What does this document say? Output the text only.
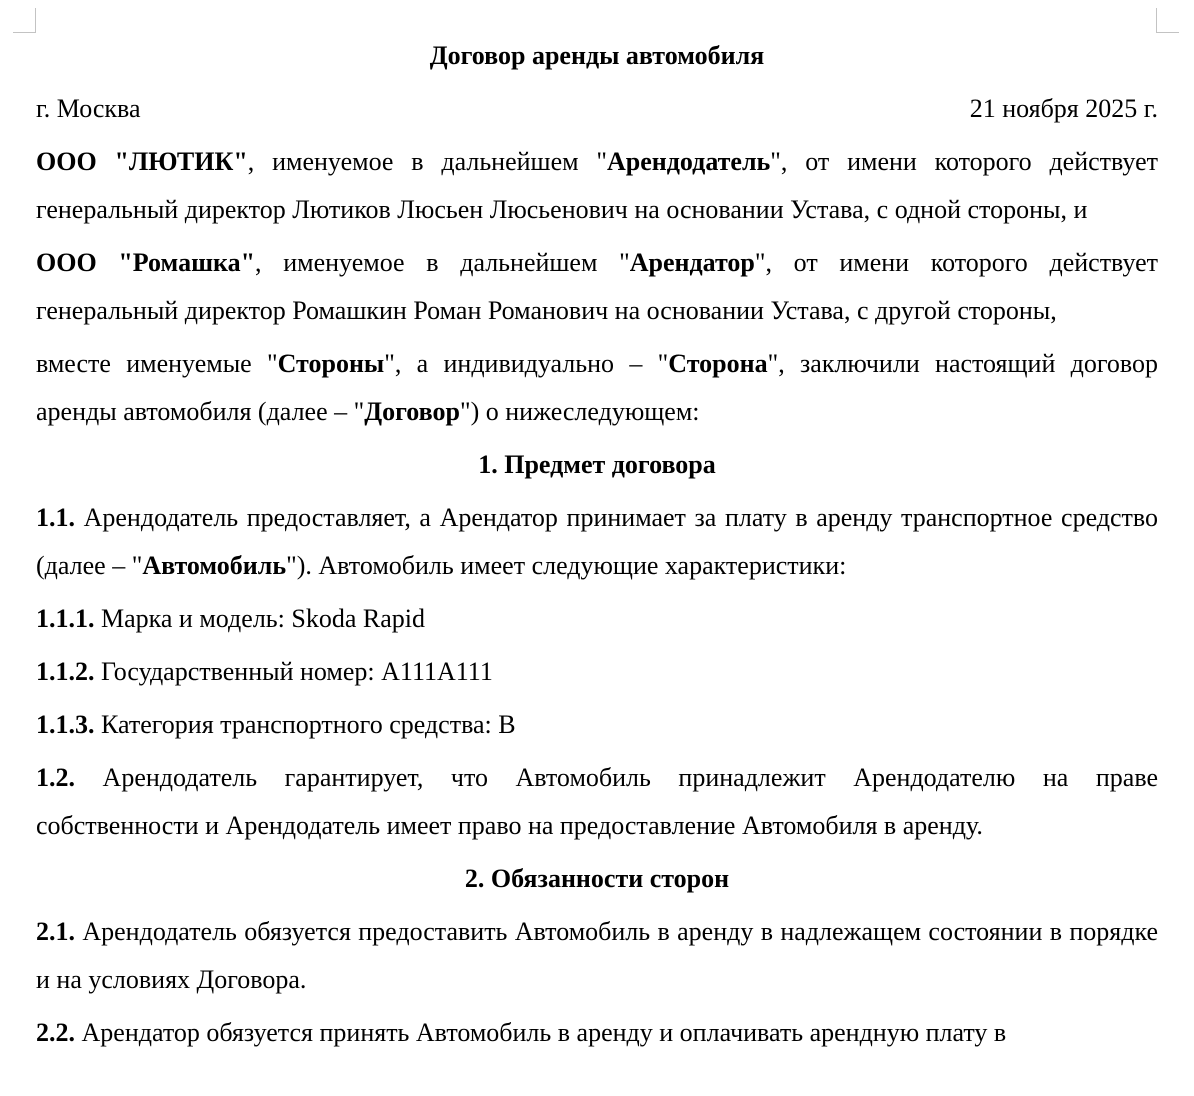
Договор аренды автомобиля
г. Москва	21 ноября 2025 г.

ООО "ЛЮТИК", именуемое в дальнейшем "Арендодатель", от имени которого действует генеральный директор Лютиков Люсьен Люсьенович на основании Устава, с одной стороны, и

ООО "Ромашка", именуемое в дальнейшем "Арендатор", от имени которого действует генеральный директор Ромашкин Роман Романович на основании Устава, с другой стороны,

вместе именуемые "Стороны", а индивидуально – "Сторона", заключили настоящий договор аренды автомобиля (далее – "Договор") о нижеследующем:

1. Предмет договора

1.1. Арендодатель предоставляет, а Арендатор принимает за плату в аренду транспортное средство (далее – "Автомобиль"). Автомобиль имеет следующие характеристики:

1.1.1. Марка и модель: Skoda Rapid

1.1.2. Государственный номер: А111А111

1.1.3. Категория транспортного средства: В

1.2. Арендодатель гарантирует, что Автомобиль принадлежит Арендодателю на праве собственности и Арендодатель имеет право на предоставление Автомобиля в аренду.

2. Обязанности сторон

2.1. Арендодатель обязуется предоставить Автомобиль в аренду в надлежащем состоянии в порядке и на условиях Договора.

2.2. Арендатор обязуется принять Автомобиль в аренду и оплачивать арендную плату в
